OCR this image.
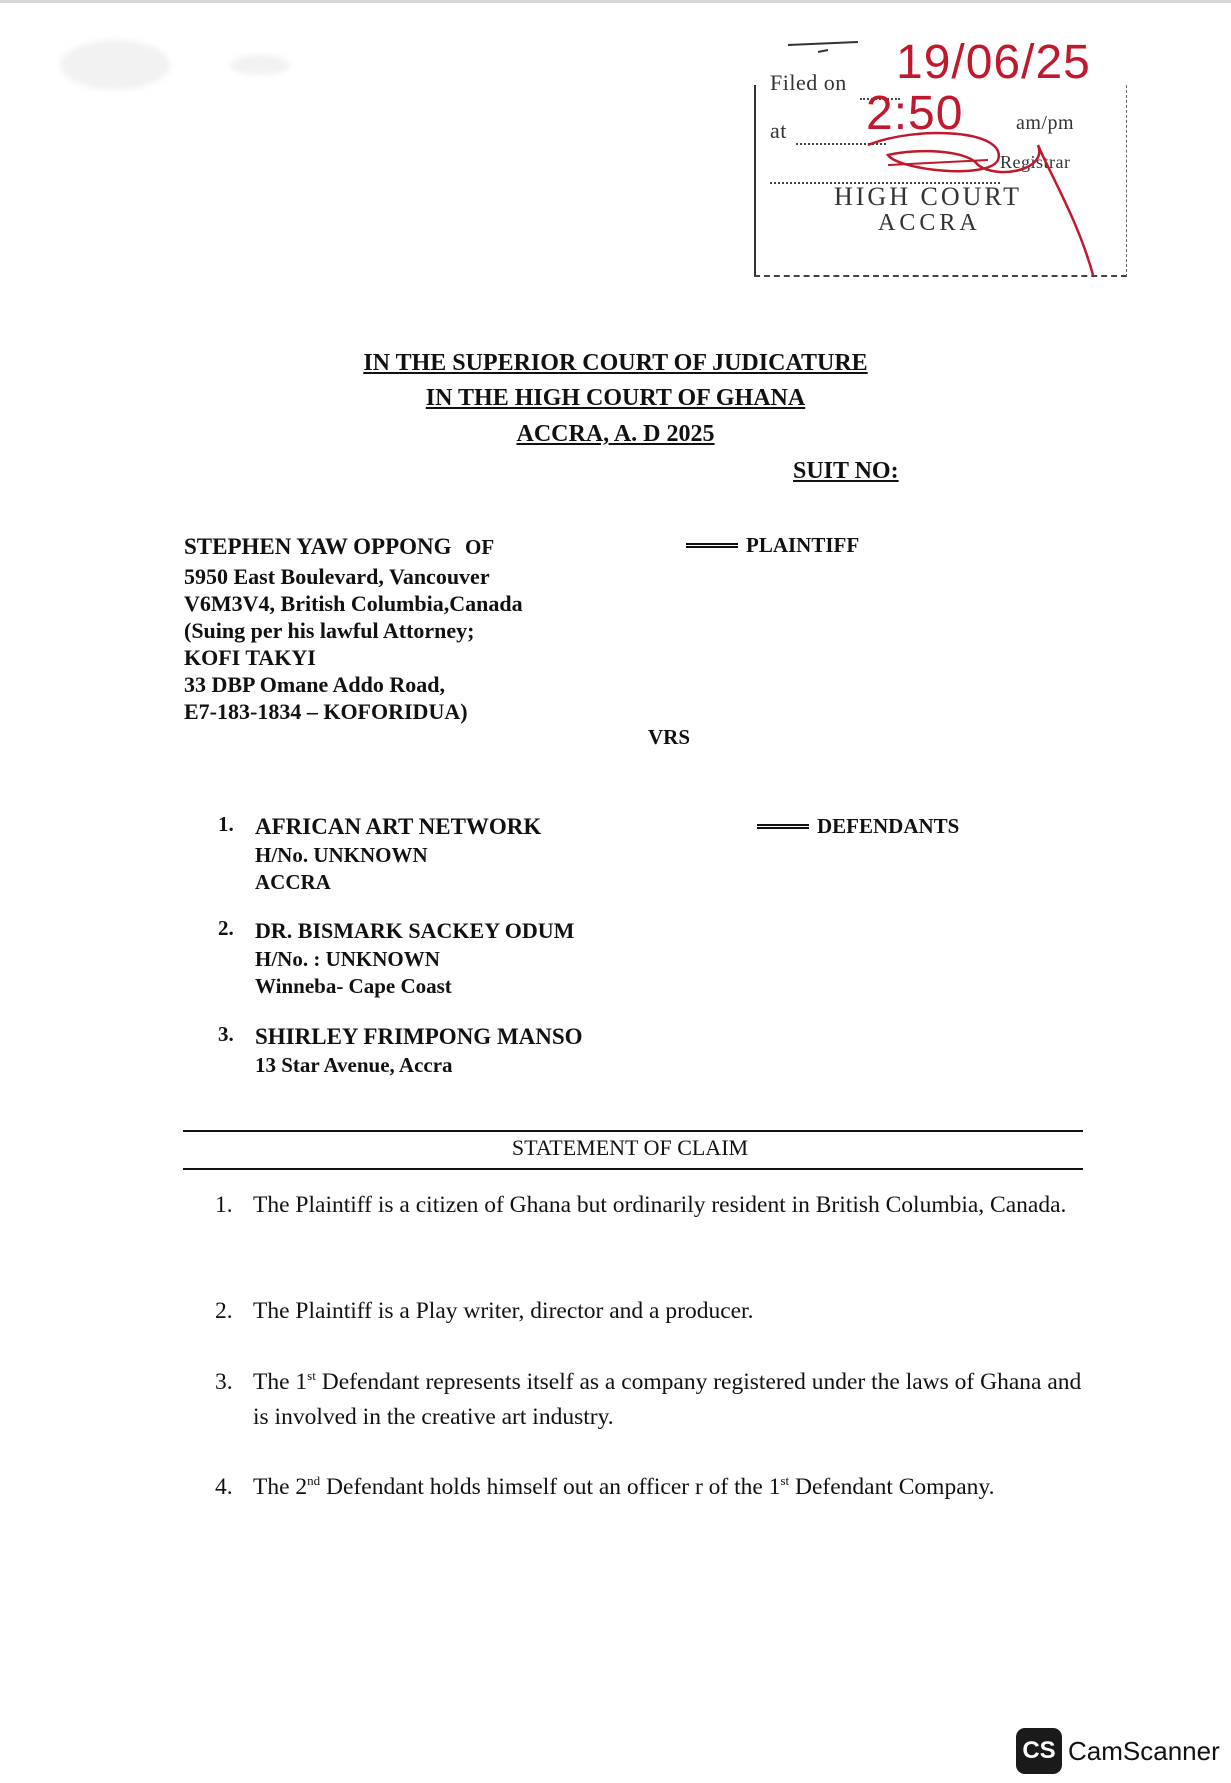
Filed on 19/06/25
at 2:50	am/pm
Registrar
HIGH COURT
ACCRA
IN THE SUPERIOR COURT OF JUDICATURE
IN THE HIGH COURT OF GHANA
ACCRA, A. D 2025
SUIT NO:
STEPHEN YAW OPPONG OF
5950 East Boulevard, Vancouver
V6M3V4, British Columbia,Canada
(Suing per his lawful Attorney;
KOFI TAKYI
33 DBP Omane Addo Road,
E7-183-1834 – KOFORIDUA)
PLAINTIFF
VRS
DEFENDANTS
1. AFRICAN ART NETWORK
H/No. UNKNOWN
ACCRA
2. DR. BISMARK SACKEY ODUM
H/No. : UNKNOWN
Winneba- Cape Coast
3. SHIRLEY FRIMPONG MANSO
13 Star Avenue, Accra
STATEMENT OF CLAIM
1. The Plaintiff is a citizen of Ghana but ordinarily resident in British Columbia, Canada.
2. The Plaintiff is a Play writer, director and a producer.
3. The 1st Defendant represents itself as a company registered under the laws of Ghana and is involved in the creative art industry.
4. The 2nd Defendant holds himself out an officer r of the 1st Defendant Company.
CS CamScanner
